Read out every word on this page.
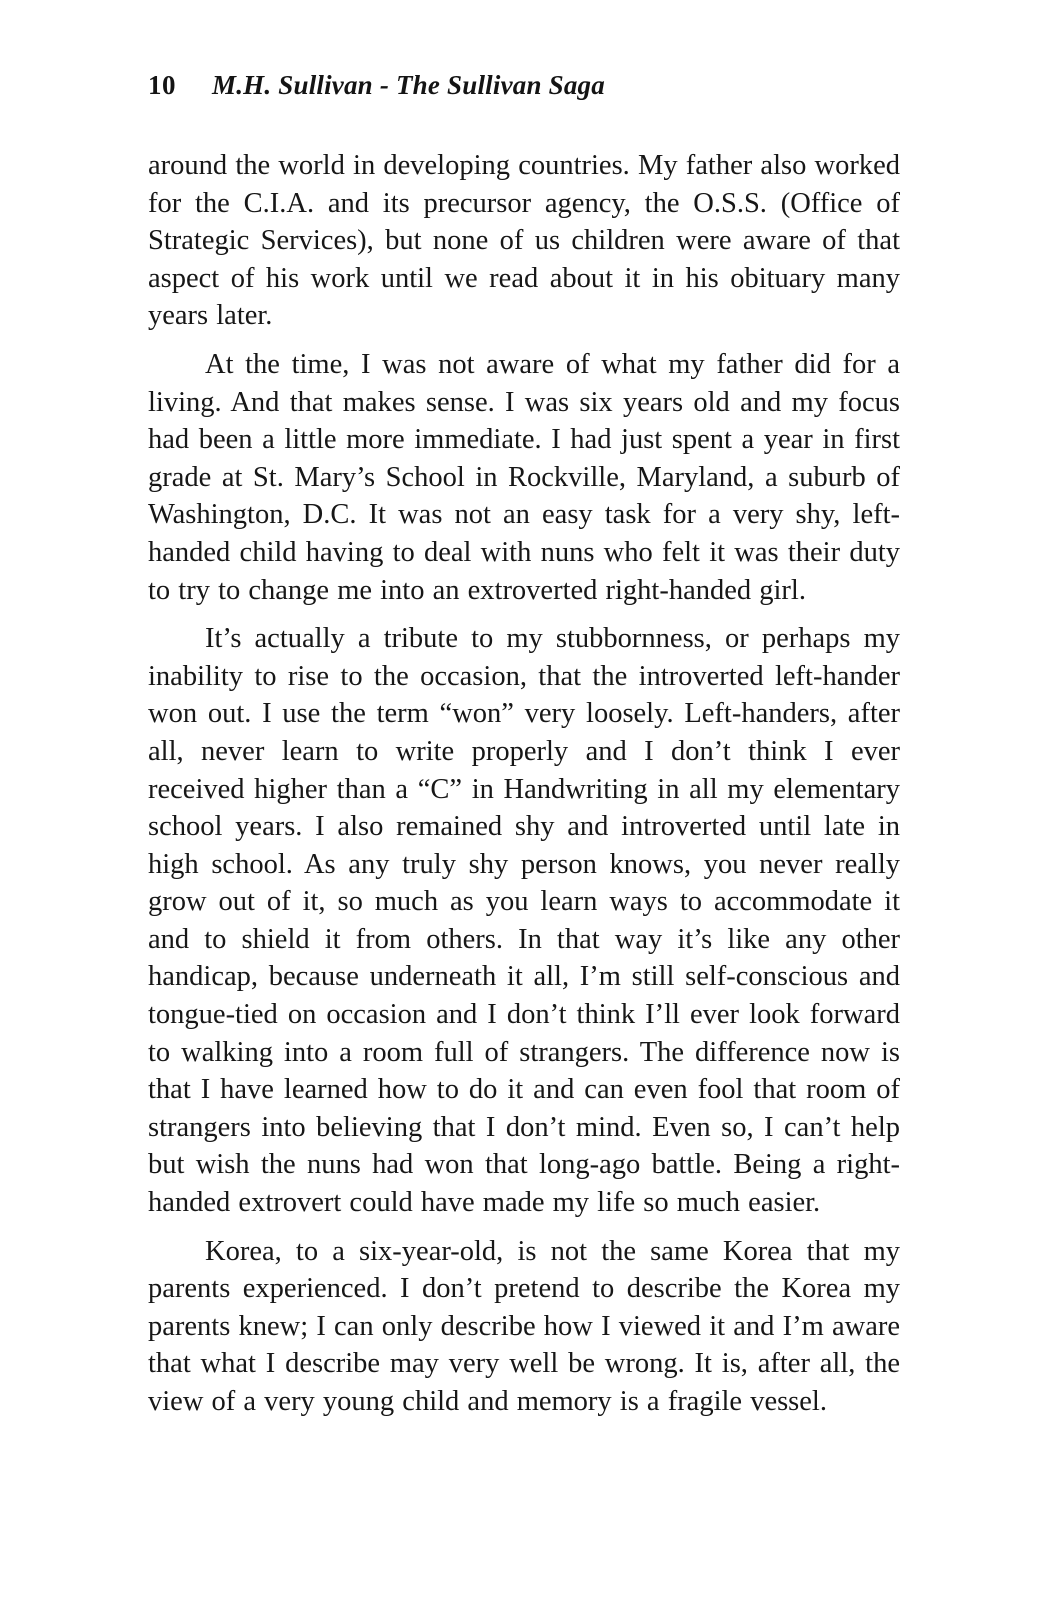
10 M.H. Sullivan - The Sullivan Saga

around the world in developing countries. My father also worked for the C.I.A. and its precursor agency, the O.S.S. (Office of Strategic Services), but none of us children were aware of that aspect of his work until we read about it in his obituary many years later.

At the time, I was not aware of what my father did for a living. And that makes sense. I was six years old and my focus had been a little more immediate. I had just spent a year in first grade at St. Mary’s School in Rockville, Maryland, a suburb of Washington, D.C. It was not an easy task for a very shy, left-handed child having to deal with nuns who felt it was their duty to try to change me into an extroverted right-handed girl.

It’s actually a tribute to my stubbornness, or perhaps my inability to rise to the occasion, that the introverted left-hander won out. I use the term “won” very loosely. Left-handers, after all, never learn to write properly and I don’t think I ever received higher than a “C” in Handwriting in all my elementary school years. I also remained shy and introverted until late in high school. As any truly shy person knows, you never really grow out of it, so much as you learn ways to accommodate it and to shield it from others. In that way it’s like any other handicap, because underneath it all, I’m still self-conscious and tongue-tied on occasion and I don’t think I’ll ever look forward to walking into a room full of strangers. The difference now is that I have learned how to do it and can even fool that room of strangers into believing that I don’t mind. Even so, I can’t help but wish the nuns had won that long-ago battle. Being a right-handed extrovert could have made my life so much easier.

Korea, to a six-year-old, is not the same Korea that my parents experienced. I don’t pretend to describe the Korea my parents knew; I can only describe how I viewed it and I’m aware that what I describe may very well be wrong. It is, after all, the view of a very young child and memory is a fragile vessel.
